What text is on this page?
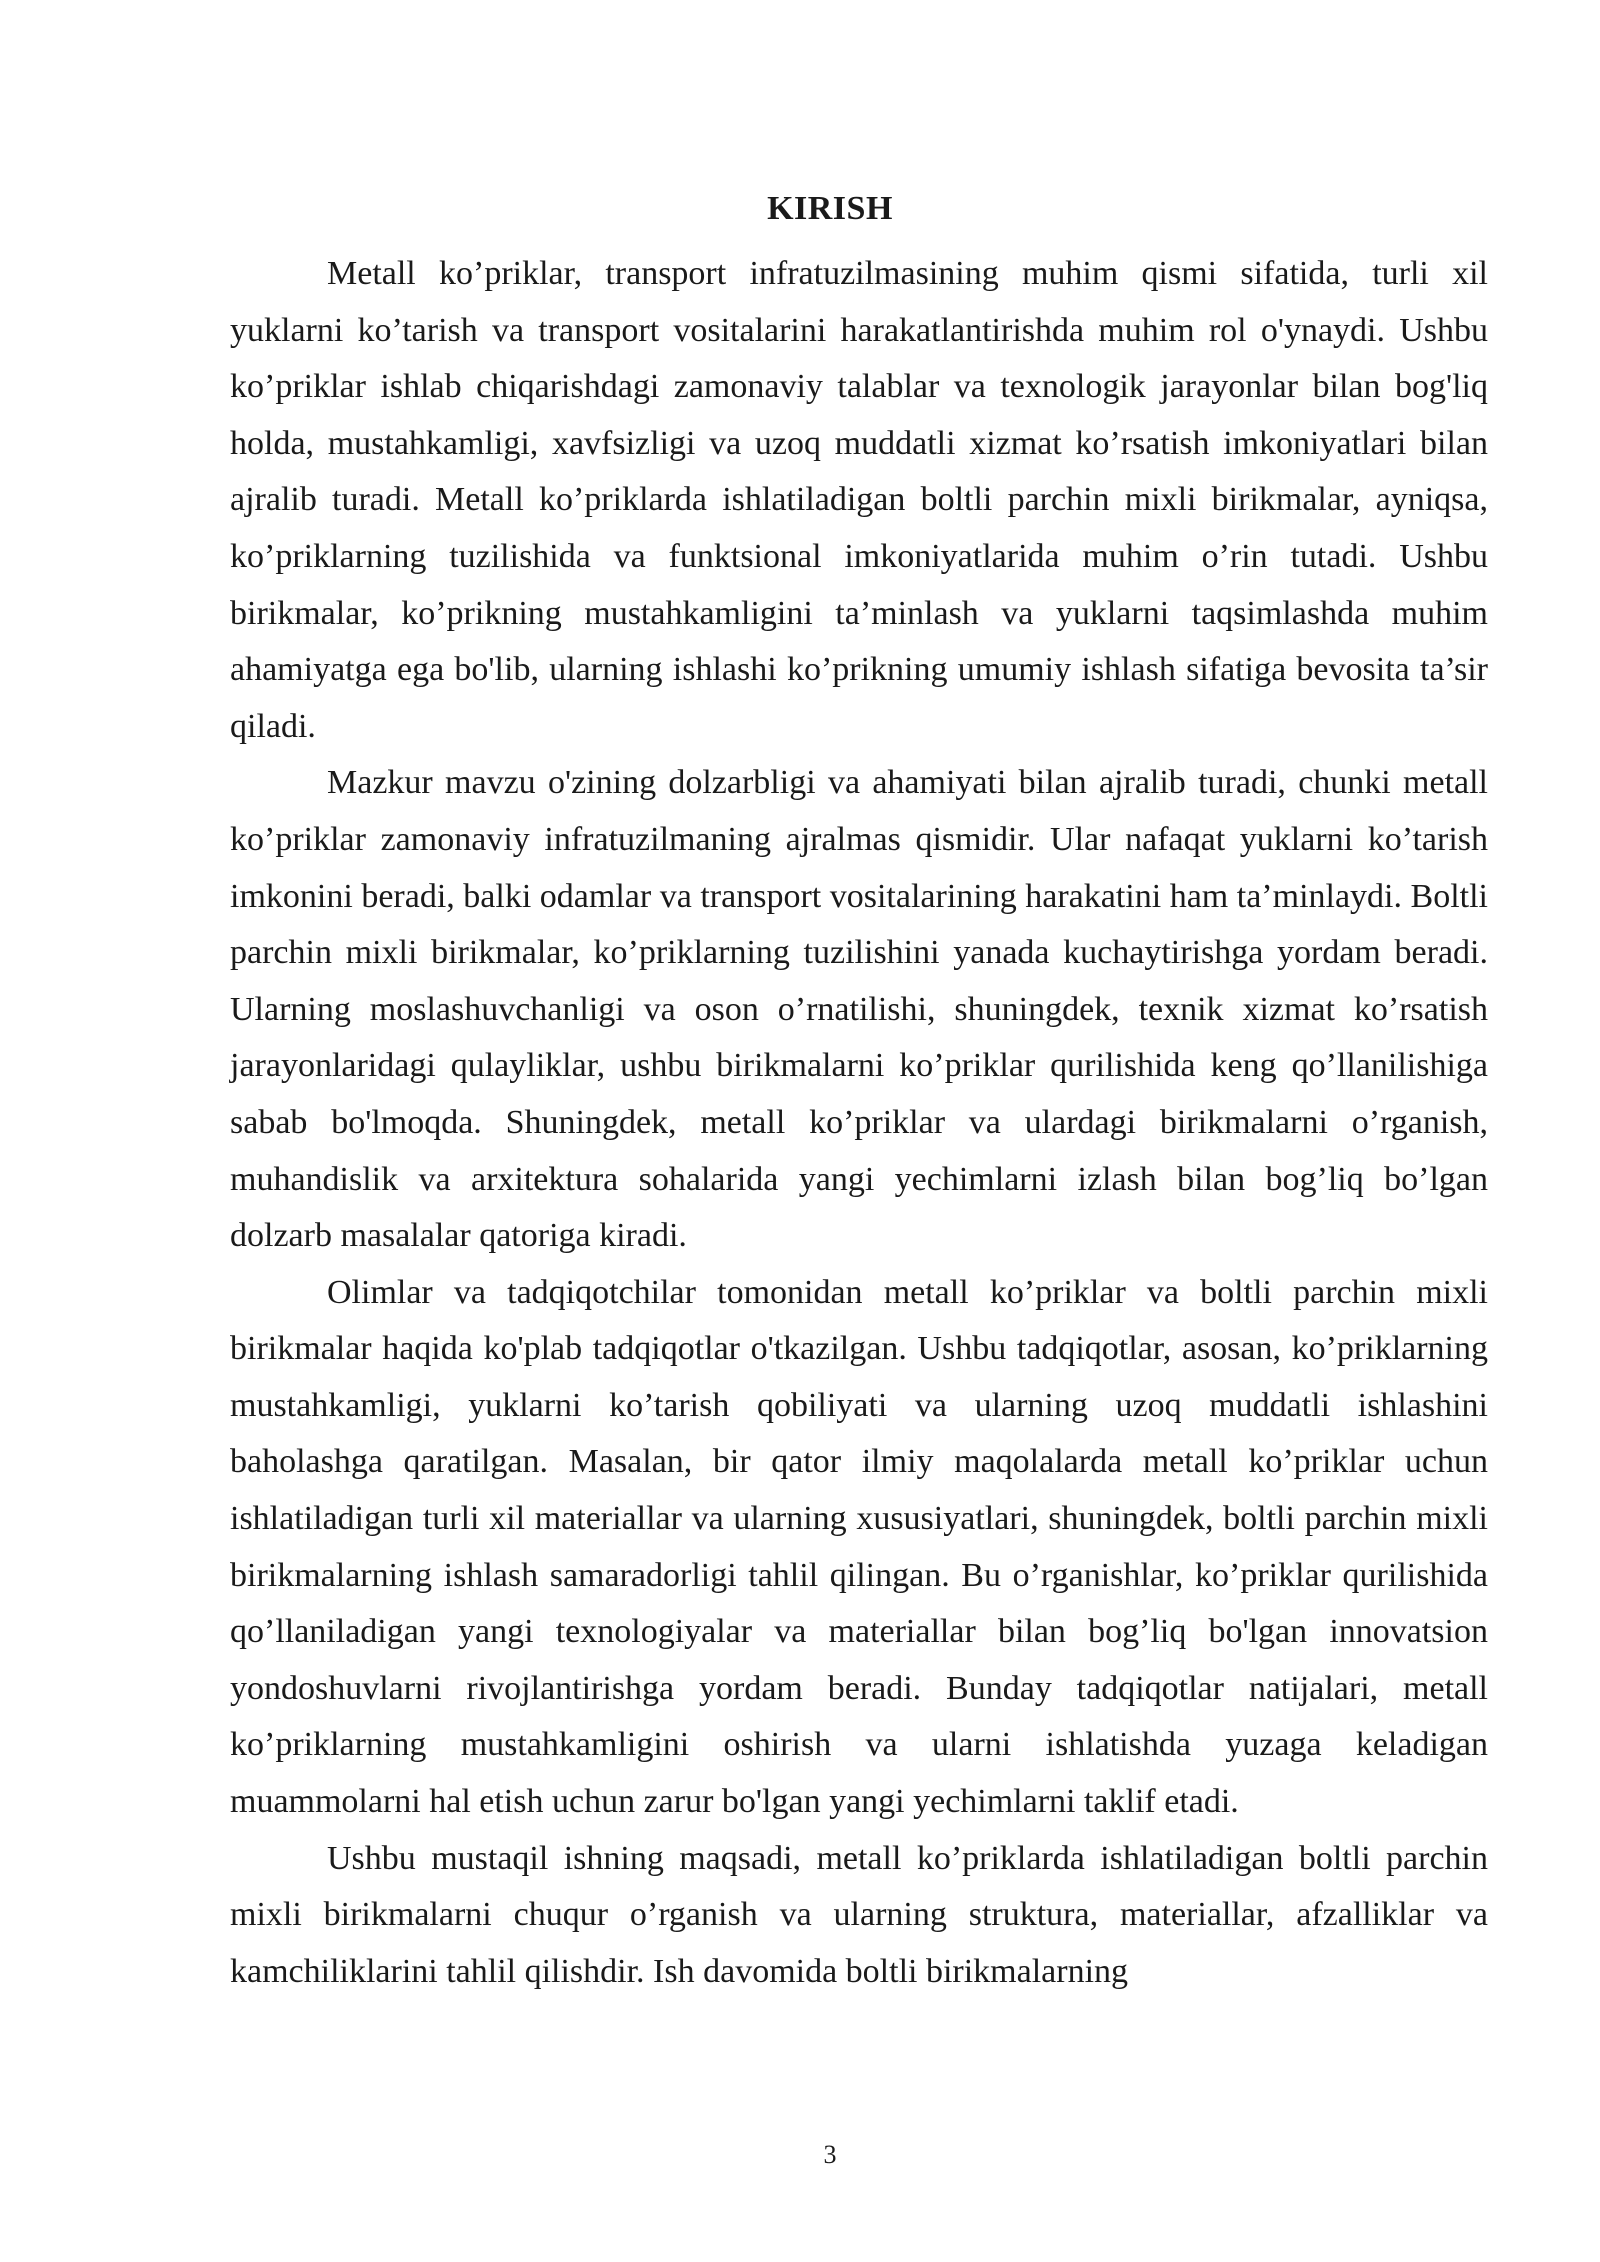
KIRISH

Metall ko’priklar, transport infratuzilmasining muhim qismi sifatida, turli xil yuklarni ko’tarish va transport vositalarini harakatlantirishda muhim rol o'ynaydi. Ushbu ko’priklar ishlab chiqarishdagi zamonaviy talablar va texnologik jarayonlar bilan bog'liq holda, mustahkamligi, xavfsizligi va uzoq muddatli xizmat ko’rsatish imkoniyatlari bilan ajralib turadi. Metall ko’priklarda ishlatiladigan boltli parchin mixli birikmalar, ayniqsa, ko’priklarning tuzilishida va funktsional imkoniyatlarida muhim o’rin tutadi. Ushbu birikmalar, ko’prikning mustahkamligini ta’minlash va yuklarni taqsimlashda muhim ahamiyatga ega bo'lib, ularning ishlashi ko’prikning umumiy ishlash sifatiga bevosita ta’sir qiladi.

Mazkur mavzu o'zining dolzarbligi va ahamiyati bilan ajralib turadi, chunki metall ko’priklar zamonaviy infratuzilmaning ajralmas qismidir. Ular nafaqat yuklarni ko’tarish imkonini beradi, balki odamlar va transport vositalarining harakatini ham ta’minlaydi. Boltli parchin mixli birikmalar, ko’priklarning tuzilishini yanada kuchaytirishga yordam beradi. Ularning moslashuvchanligi va oson o’rnatilishi, shuningdek, texnik xizmat ko’rsatish jarayonlaridagi qulayliklar, ushbu birikmalarni ko’priklar qurilishida keng qo’llanilishiga sabab bo'lmoqda. Shuningdek, metall ko’priklar va ulardagi birikmalarni o’rganish, muhandislik va arxitektura sohalarida yangi yechimlarni izlash bilan bog’liq bo’lgan dolzarb masalalar qatoriga kiradi.

Olimlar va tadqiqotchilar tomonidan metall ko’priklar va boltli parchin mixli birikmalar haqida ko'plab tadqiqotlar o'tkazilgan. Ushbu tadqiqotlar, asosan, ko’priklarning mustahkamligi, yuklarni ko’tarish qobiliyati va ularning uzoq muddatli ishlashini baholashga qaratilgan. Masalan, bir qator ilmiy maqolalarda metall ko’priklar uchun ishlatiladigan turli xil materiallar va ularning xususiyatlari, shuningdek, boltli parchin mixli birikmalarning ishlash samaradorligi tahlil qilingan. Bu o’rganishlar, ko’priklar qurilishida qo’llaniladigan yangi texnologiyalar va materiallar bilan bog’liq bo'lgan innovatsion yondoshuvlarni rivojlantirishga yordam beradi. Bunday tadqiqotlar natijalari, metall ko’priklarning mustahkamligini oshirish va ularni ishlatishda yuzaga keladigan muammolarni hal etish uchun zarur bo'lgan yangi yechimlarni taklif etadi.

Ushbu mustaqil ishning maqsadi, metall ko’priklarda ishlatiladigan boltli parchin mixli birikmalarni chuqur o’rganish va ularning struktura, materiallar, afzalliklar va kamchiliklarini tahlil qilishdir. Ish davomida boltli birikmalarning

3
